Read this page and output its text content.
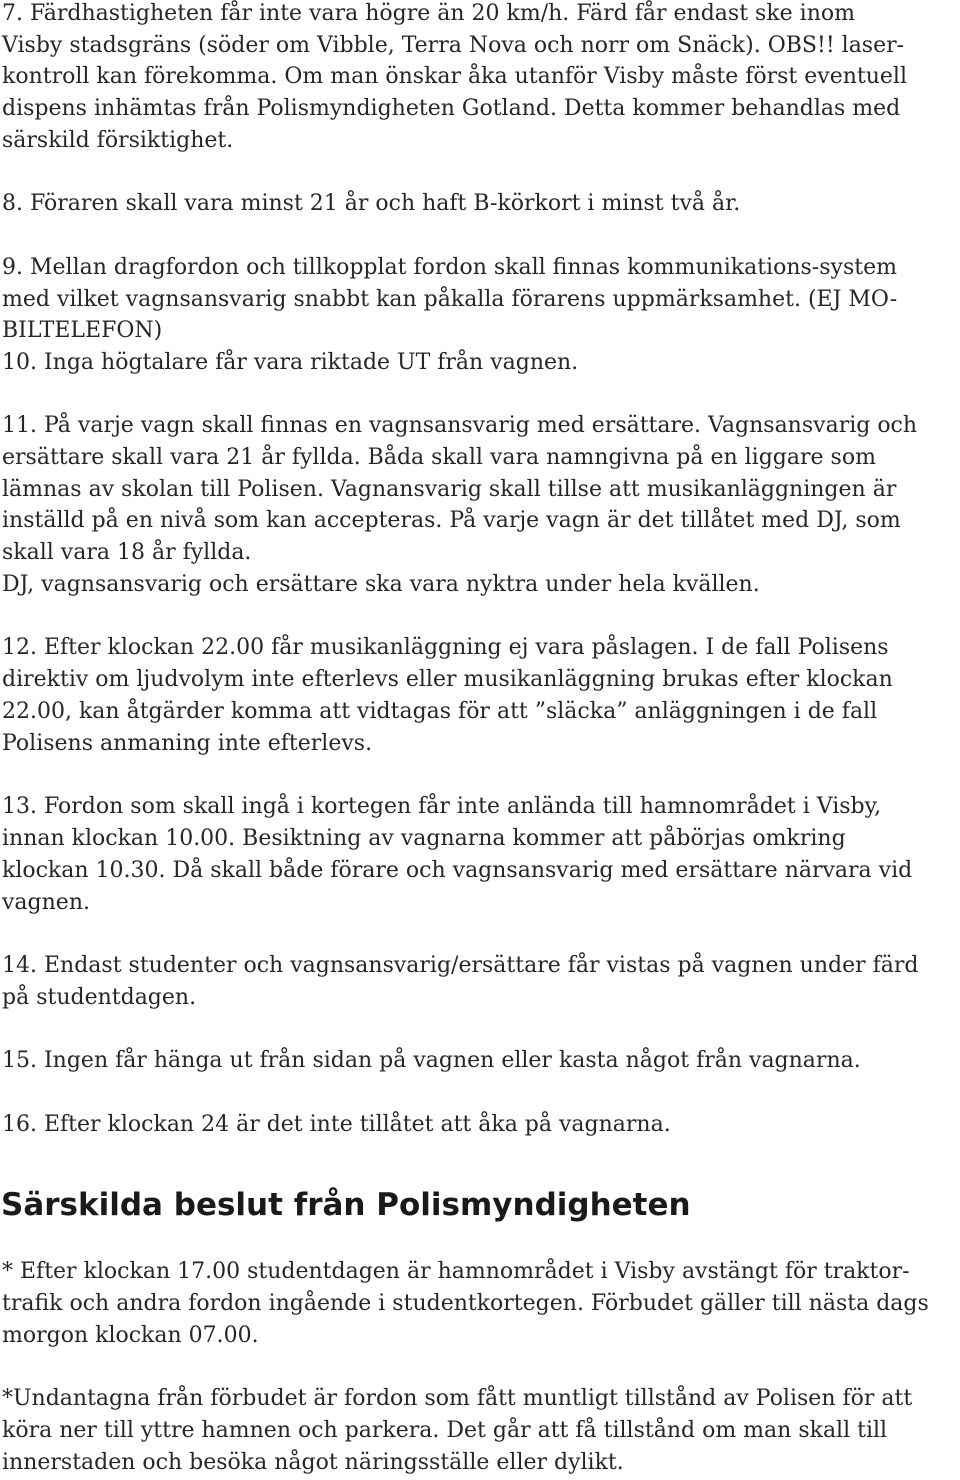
7. Färdhastigheten får inte vara högre än 20 km/h. Färd får endast ske inom
Visby stadsgräns (söder om Vibble, Terra Nova och norr om Snäck). OBS!! laser-
kontroll kan förekomma. Om man önskar åka utanför Visby måste först eventuell
dispens inhämtas från Polismyndigheten Gotland. Detta kommer behandlas med
särskild försiktighet.
8. Föraren skall vara minst 21 år och haft B-körkort i minst två år.
9. Mellan dragfordon och tillkopplat fordon skall finnas kommunikations-system
med vilket vagnsansvarig snabbt kan påkalla förarens uppmärksamhet. (EJ MO-
BILTELEFON)
10. Inga högtalare får vara riktade UT från vagnen.
11. På varje vagn skall finnas en vagnsansvarig med ersättare. Vagnsansvarig och
ersättare skall vara 21 år fyllda. Båda skall vara namngivna på en liggare som
lämnas av skolan till Polisen. Vagnansvarig skall tillse att musikanläggningen är
inställd på en nivå som kan accepteras. På varje vagn är det tillåtet med DJ, som
skall vara 18 år fyllda.
DJ, vagnsansvarig och ersättare ska vara nyktra under hela kvällen.
12. Efter klockan 22.00 får musikanläggning ej vara påslagen. I de fall Polisens
direktiv om ljudvolym inte efterlevs eller musikanläggning brukas efter klockan
22.00, kan åtgärder komma att vidtagas för att ”släcka” anläggningen i de fall
Polisens anmaning inte efterlevs.
13. Fordon som skall ingå i kortegen får inte anlända till hamnområdet i Visby,
innan klockan 10.00. Besiktning av vagnarna kommer att påbörjas omkring
klockan 10.30. Då skall både förare och vagnsansvarig med ersättare närvara vid
vagnen.
14. Endast studenter och vagnsansvarig/ersättare får vistas på vagnen under färd
på studentdagen.
15. Ingen får hänga ut från sidan på vagnen eller kasta något från vagnarna.
16. Efter klockan 24 är det inte tillåtet att åka på vagnarna.
Särskilda beslut från Polismyndigheten
* Efter klockan 17.00 studentdagen är hamnområdet i Visby avstängt för traktor-
trafik och andra fordon ingående i studentkortegen. Förbudet gäller till nästa dags
morgon klockan 07.00.
*Undantagna från förbudet är fordon som fått muntligt tillstånd av Polisen för att
köra ner till yttre hamnen och parkera. Det går att få tillstånd om man skall till
innerstaden och besöka något näringsställe eller dylikt.
